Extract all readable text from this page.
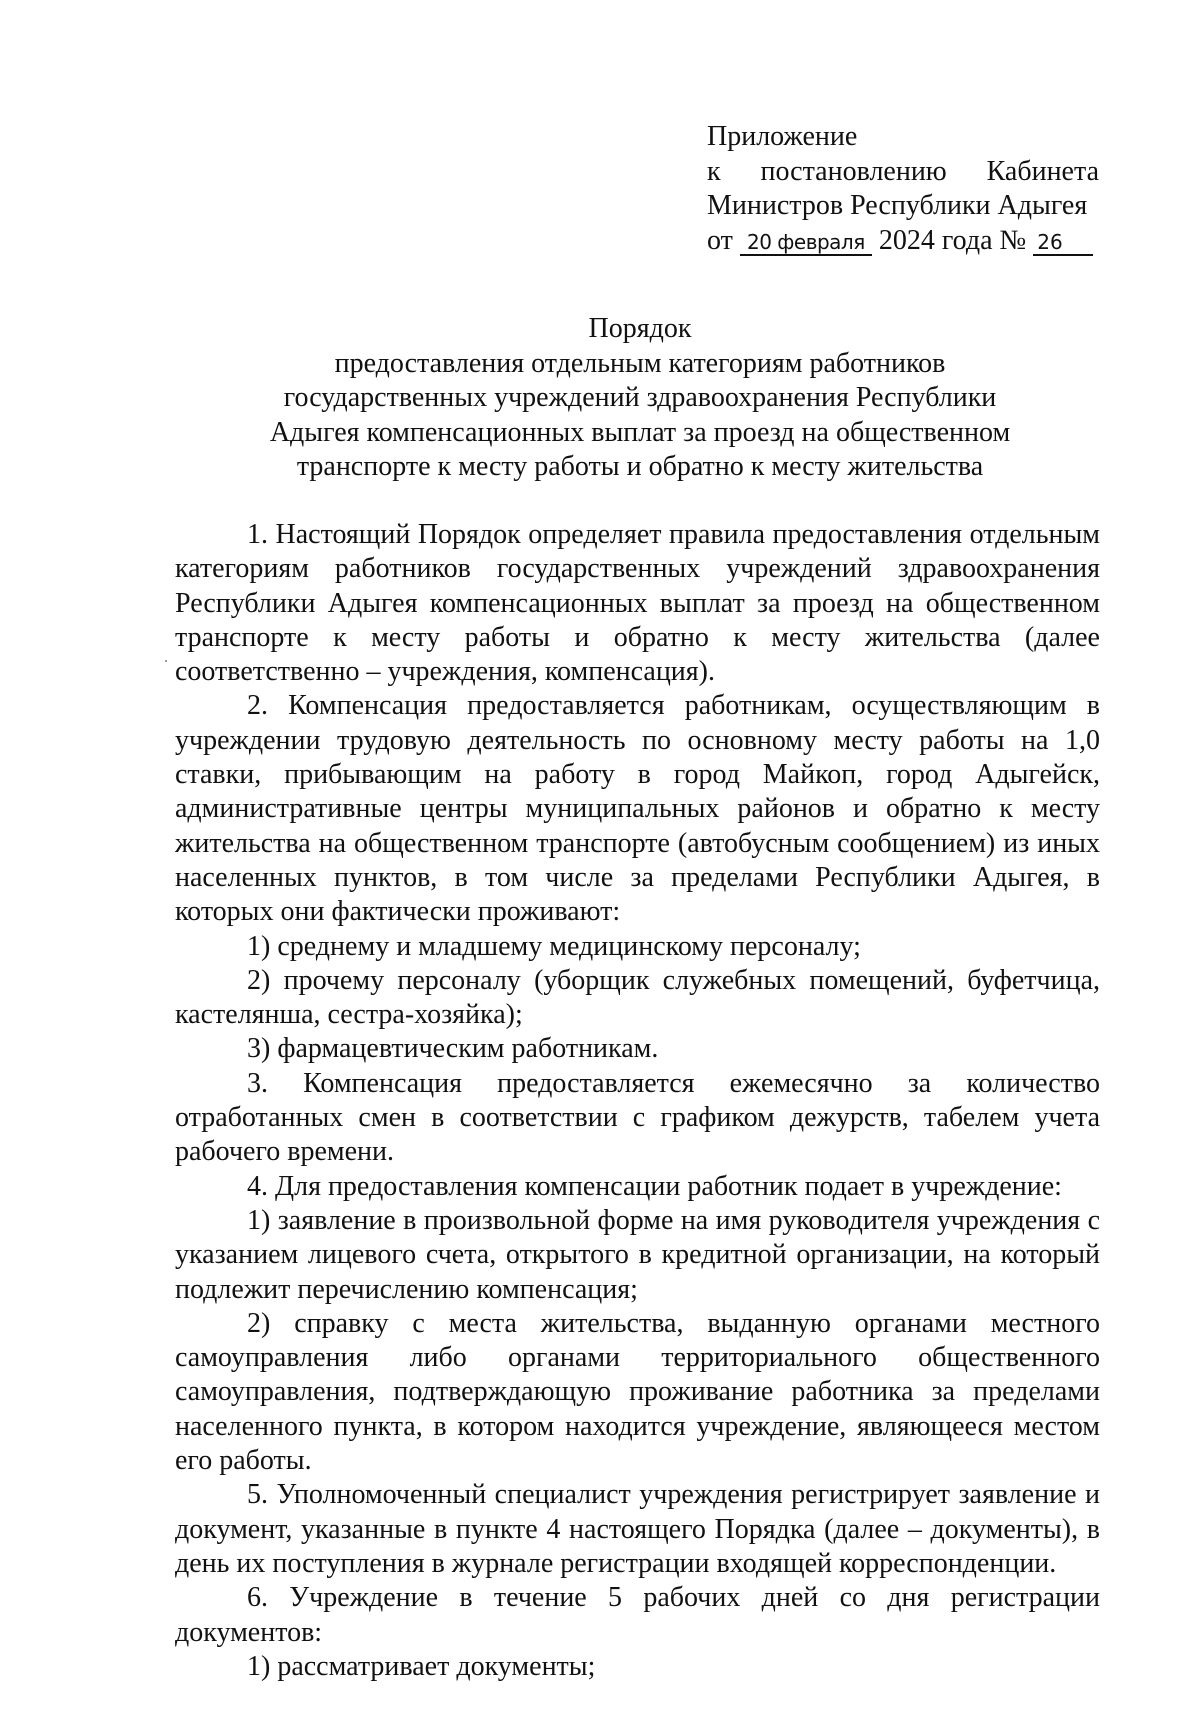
Приложение
к постановлению Кабинета
Министров Республики Адыгея
от 20 февраля 2024 года № 26
Порядок
предоставления отдельным категориям работников
государственных учреждений здравоохранения Республики
Адыгея компенсационных выплат за проезд на общественном
транспорте к месту работы и обратно к месту жительства

1. Настоящий Порядок определяет правила предоставления отдельным категориям работников государственных учреждений здравоохранения Республики Адыгея компенсационных выплат за проезд на общественном транспорте к месту работы и обратно к месту жительства (далее соответственно – учреждения, компенсация).

2. Компенсация предоставляется работникам, осуществляющим в учреждении трудовую деятельность по основному месту работы на 1,0 ставки, прибывающим на работу в город Майкоп, город Адыгейск, административные центры муниципальных районов и обратно к месту жительства на общественном транспорте (автобусным сообщением) из иных населенных пунктов, в том числе за пределами Республики Адыгея, в которых они фактически проживают:

1) среднему и младшему медицинскому персоналу;

2) прочему персоналу (уборщик служебных помещений, буфетчица, кастелянша, сестра-хозяйка);

3) фармацевтическим работникам.

3. Компенсация предоставляется ежемесячно за количество отработанных смен в соответствии с графиком дежурств, табелем учета рабочего времени.

4. Для предоставления компенсации работник подает в учреждение:

1) заявление в произвольной форме на имя руководителя учреждения с указанием лицевого счета, открытого в кредитной организации, на который подлежит перечислению компенсация;

2) справку с места жительства, выданную органами местного самоуправления либо органами территориального общественного самоуправления, подтверждающую проживание работника за пределами населенного пункта, в котором находится учреждение, являющееся местом его работы.

5. Уполномоченный специалист учреждения регистрирует заявление и документ, указанные в пункте 4 настоящего Порядка (далее – документы), в день их поступления в журнале регистрации входящей корреспонденции.

6. Учреждение в течение 5 рабочих дней со дня регистрации документов:

1) рассматривает документы;
